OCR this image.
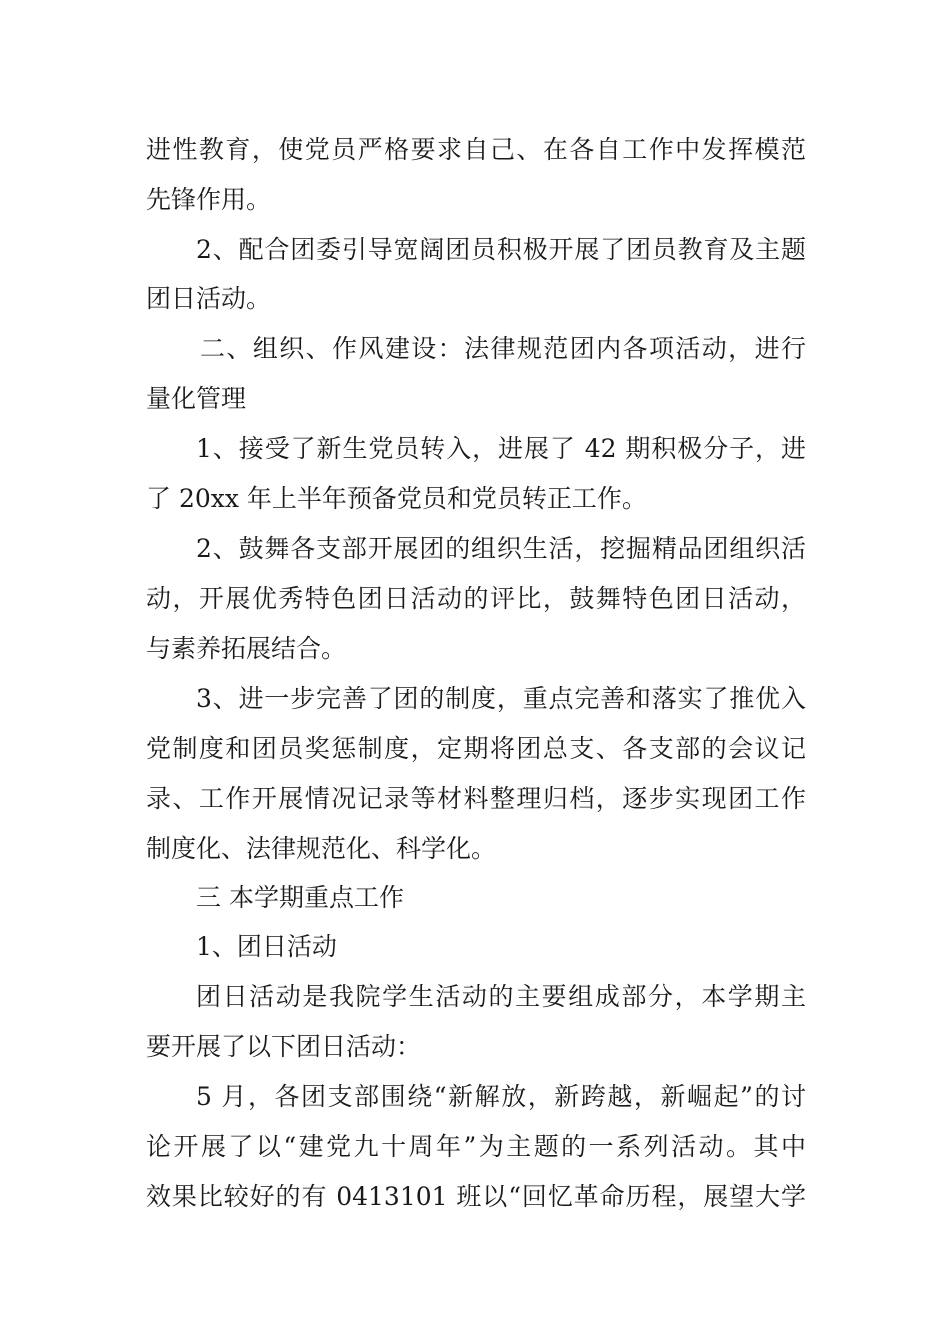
进性教育，使党员严格要求自己、在各自工作中发挥模范
先锋作用。
2、配合团委引导宽阔团员积极开展了团员教育及主题
团日活动。
二、组织、作风建设：法律规范团内各项活动，进行
量化管理
1、接受了新生党员转入，进展了 42 期积极分子，进
了 20xx 年上半年预备党员和党员转正工作。
2、鼓舞各支部开展团的组织生活，挖掘精品团组织活
动，开展优秀特色团日活动的评比，鼓舞特色团日活动，
与素养拓展结合。
3、进一步完善了团的制度，重点完善和落实了推优入
党制度和团员奖惩制度，定期将团总支、各支部的会议记
录、工作开展情况记录等材料整理归档，逐步实现团工作
制度化、法律规范化、科学化。
三 本学期重点工作
1、团日活动
团日活动是我院学生活动的主要组成部分，本学期主
要开展了以下团日活动：
5 月，各团支部围绕“新解放，新跨越，新崛起”的讨
论开展了以“建党九十周年”为主题的一系列活动。其中
效果比较好的有 0413101 班以“回忆革命历程，展望大学
